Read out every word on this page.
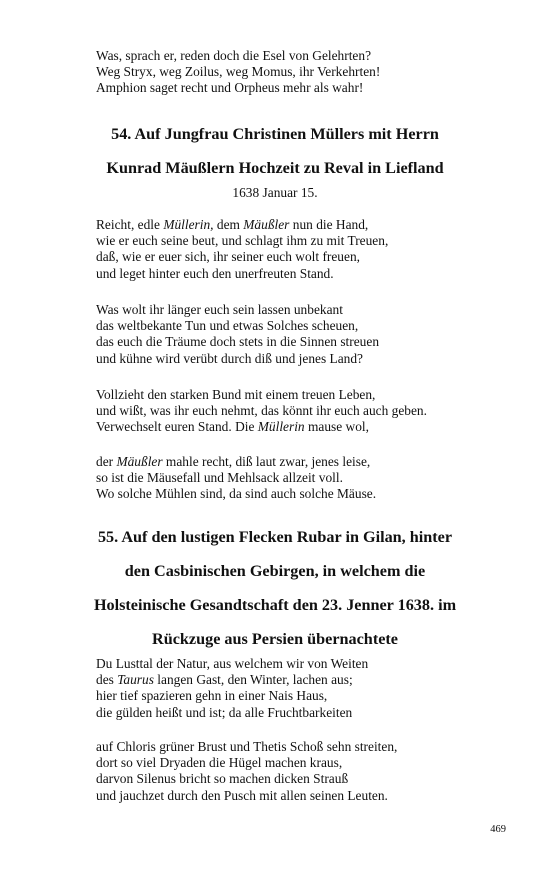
Was, sprach er, reden doch die Esel von Gelehrten?
Weg Stryx, weg Zoilus, weg Momus, ihr Verkehrten!
Amphion saget recht und Orpheus mehr als wahr!
54. Auf Jungfrau Christinen Müllers mit Herrn
Kunrad Mäußlern Hochzeit zu Reval in Liefland
1638 Januar 15.
Reicht, edle Müllerin, dem Mäußler nun die Hand,
wie er euch seine beut, und schlagt ihm zu mit Treuen,
daß, wie er euer sich, ihr seiner euch wolt freuen,
und leget hinter euch den unerfreuten Stand.
Was wolt ihr länger euch sein lassen unbekant
das weltbekante Tun und etwas Solches scheuen,
das euch die Träume doch stets in die Sinnen streuen
und kühne wird verübt durch diß und jenes Land?
Vollzieht den starken Bund mit einem treuen Leben,
und wißt, was ihr euch nehmt, das könnt ihr euch auch geben.
Verwechselt euren Stand. Die Müllerin mause wol,
der Mäußler mahle recht, diß laut zwar, jenes leise,
so ist die Mäusefall und Mehlsack allzeit voll.
Wo solche Mühlen sind, da sind auch solche Mäuse.
55. Auf den lustigen Flecken Rubar in Gilan, hinter
den Casbinischen Gebirgen, in welchem die
Holsteinische Gesandtschaft den 23. Jenner 1638. im
Rückzuge aus Persien übernachtete
Du Lusttal der Natur, aus welchem wir von Weiten
des Taurus langen Gast, den Winter, lachen aus;
hier tief spazieren gehn in einer Nais Haus,
die gülden heißt und ist; da alle Fruchtbarkeiten
auf Chloris grüner Brust und Thetis Schoß sehn streiten,
dort so viel Dryaden die Hügel machen kraus,
darvon Silenus bricht so machen dicken Strauß
und jauchzet durch den Pusch mit allen seinen Leuten.
469
